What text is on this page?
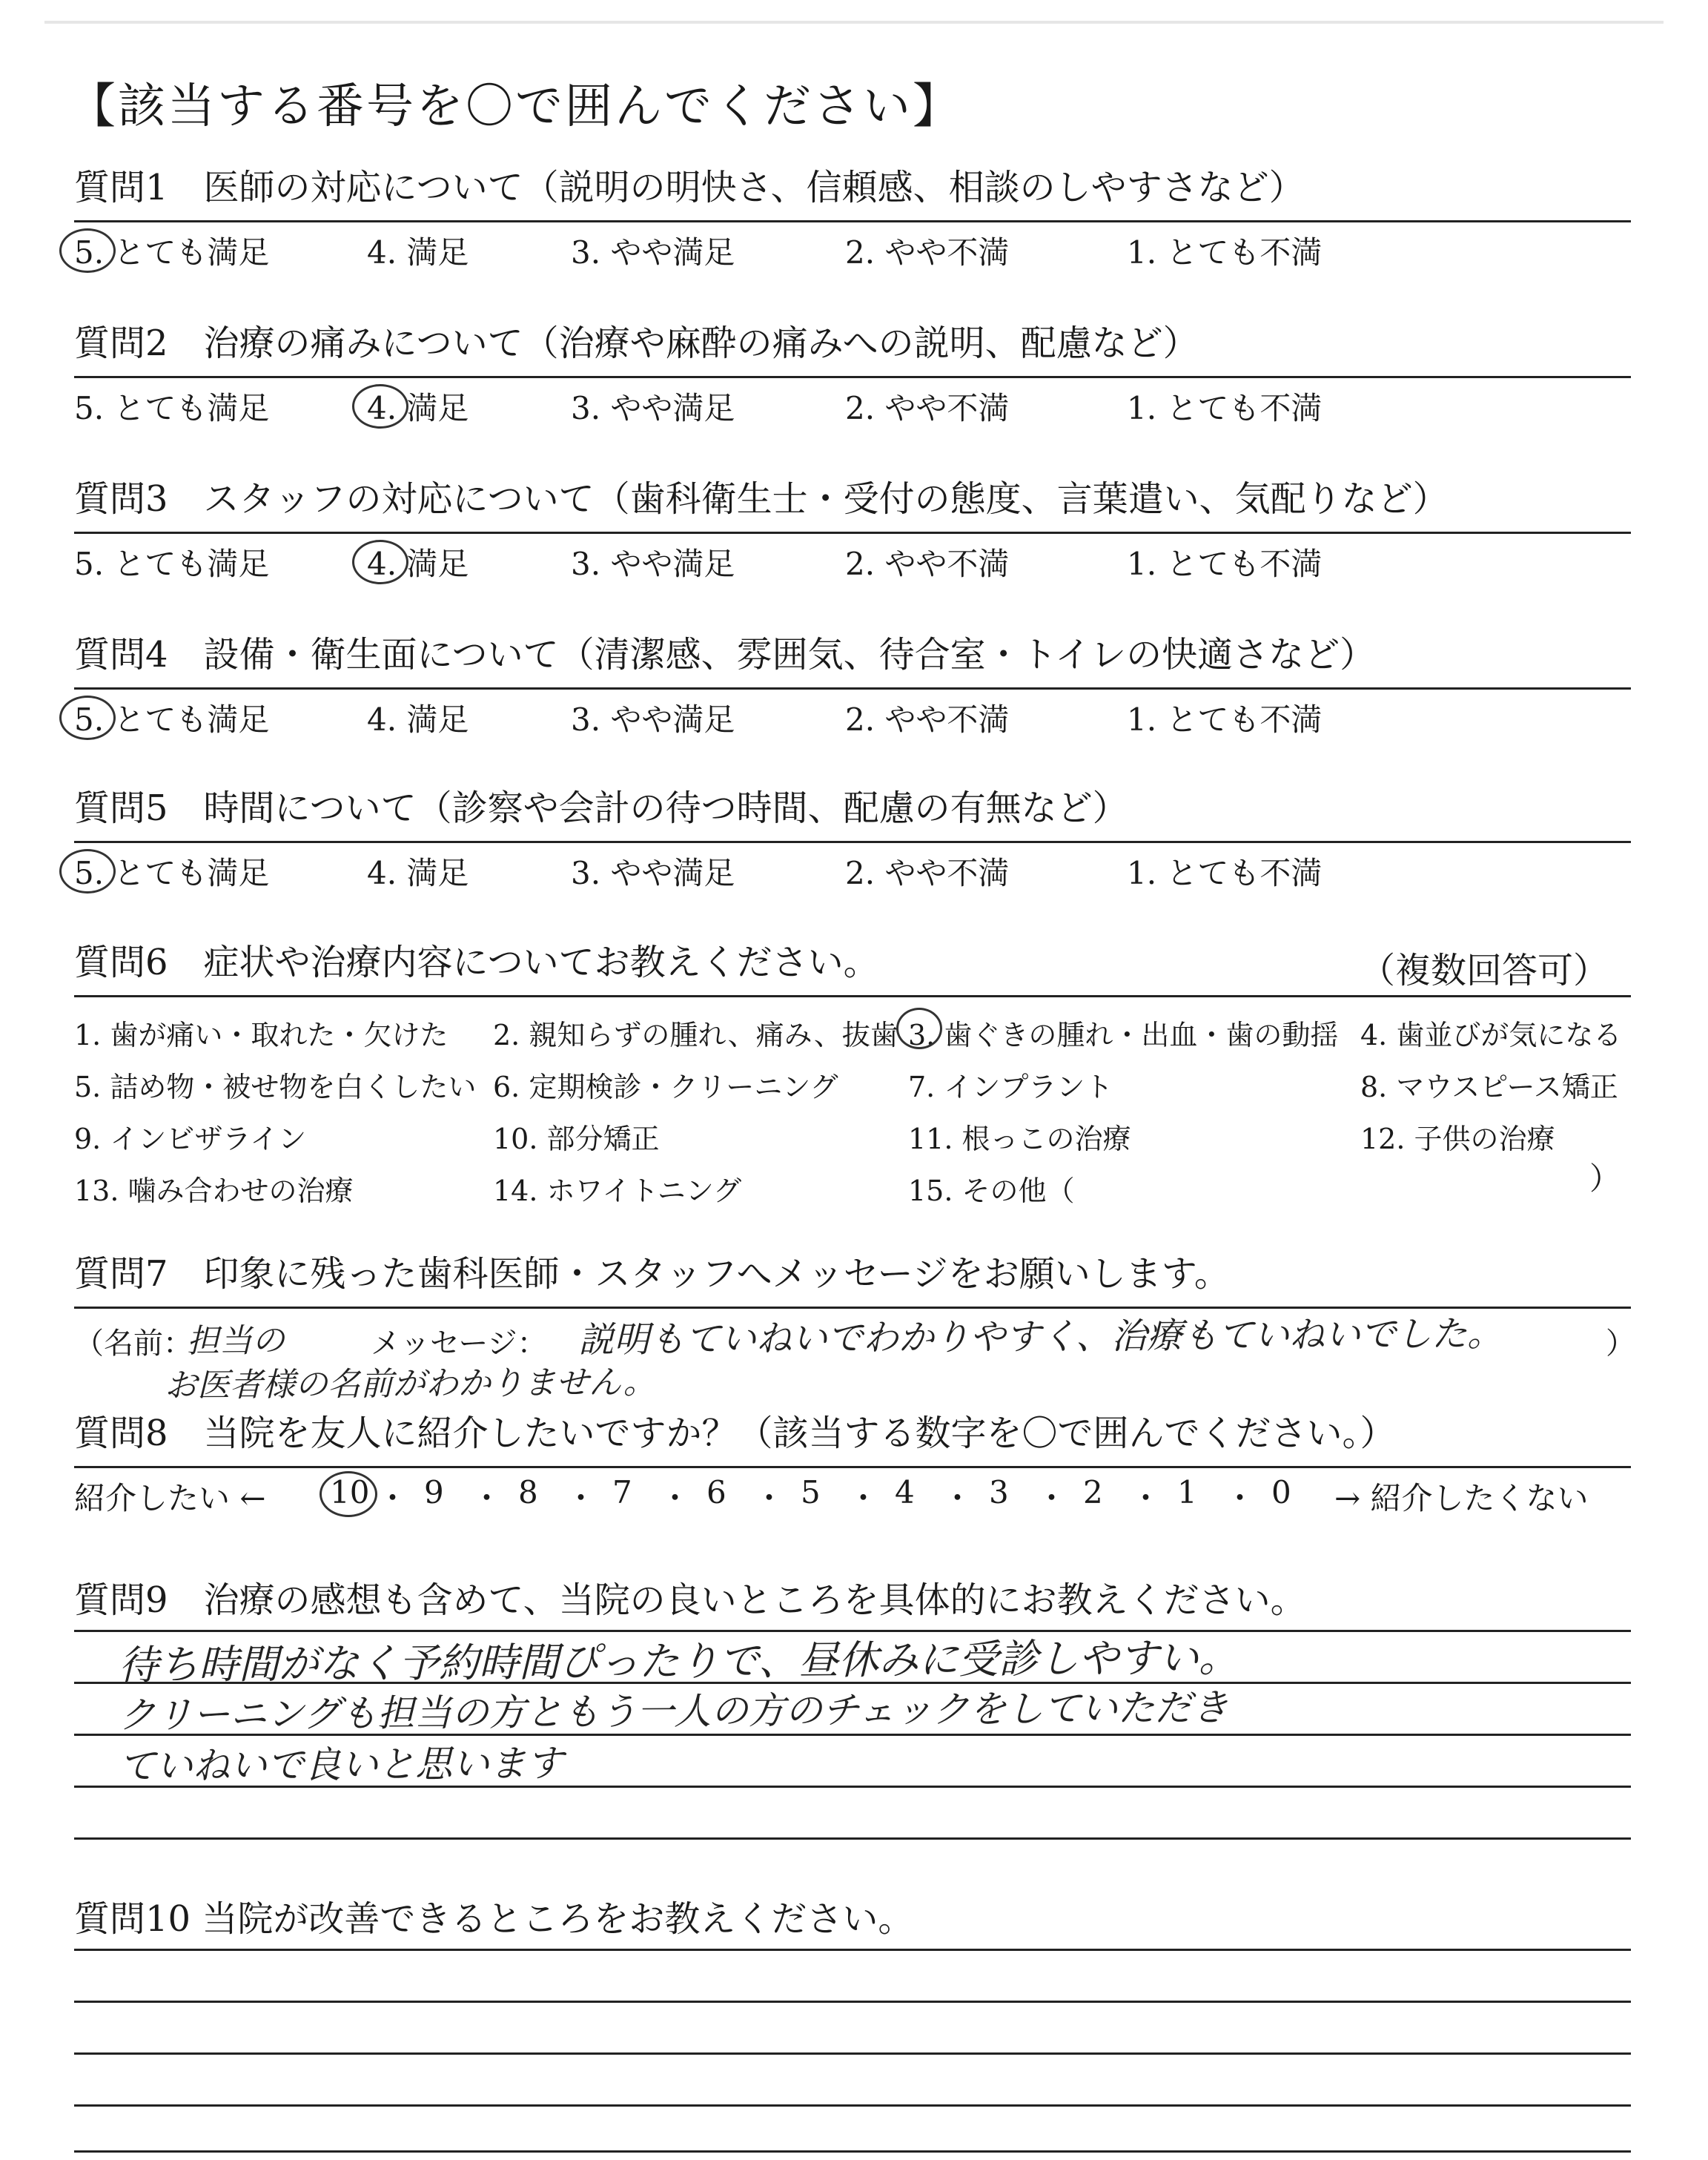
【該当する番号を〇で囲んでください】
質問1　医師の対応について（説明の明快さ、信頼感、相談のしやすさなど）
5. とても満足	4. 満足	3. やや満足	2. やや不満	1. とても不満
質問2　治療の痛みについて（治療や麻酔の痛みへの説明、配慮など）
5. とても満足	4. 満足	3. やや満足	2. やや不満	1. とても不満
質問3　スタッフの対応について（歯科衛生士・受付の態度、言葉遣い、気配りなど）
5. とても満足	4. 満足	3. やや満足	2. やや不満	1. とても不満
質問4　設備・衛生面について（清潔感、雰囲気、待合室・トイレの快適さなど）
5. とても満足	4. 満足	3. やや満足	2. やや不満	1. とても不満
質問5　時間について（診察や会計の待つ時間、配慮の有無など）
5. とても満足	4. 満足	3. やや満足	2. やや不満	1. とても不満
質問6　症状や治療内容についてお教えください。	（複数回答可）
）
1. 歯が痛い・取れた・欠けた 2. 親知らずの腫れ、痛み、抜歯 3. 歯ぐきの腫れ・出血・歯の動揺 4. 歯並びが気になる
5. 詰め物・被せ物を白くしたい 6. 定期検診・クリーニング 7. インプラント	8. マウスピース矯正
9. インビザライン	10. 部分矯正	11. 根っこの治療	12. 子供の治療
13. 噛み合わせの治療	14. ホワイトニング	15. その他（
質問7　印象に残った歯科医師・スタッフへメッセージをお願いします。
（名前：
担当の	メッセージ： 説明もていねいでわかりやすく、治療もていねいでした。	）
お医者様の名前がわかりません。
質問8　当院を友人に紹介したいですか？（該当する数字を〇で囲んでください。）
紹介したい ← 10 ・ 9 ・ 8 ・ 7 ・ 6 ・ 5 ・ 4 ・ 3 ・ 2 ・ 1 ・ 0 → 紹介したくない
質問9　治療の感想も含めて、当院の良いところを具体的にお教えください。
待ち時間がなく予約時間ぴったりで、昼休みに受診しやすい。
クリーニングも担当の方ともう一人の方のチェックをしていただき
ていねいで良いと思います
質問10 当院が改善できるところをお教えください。
